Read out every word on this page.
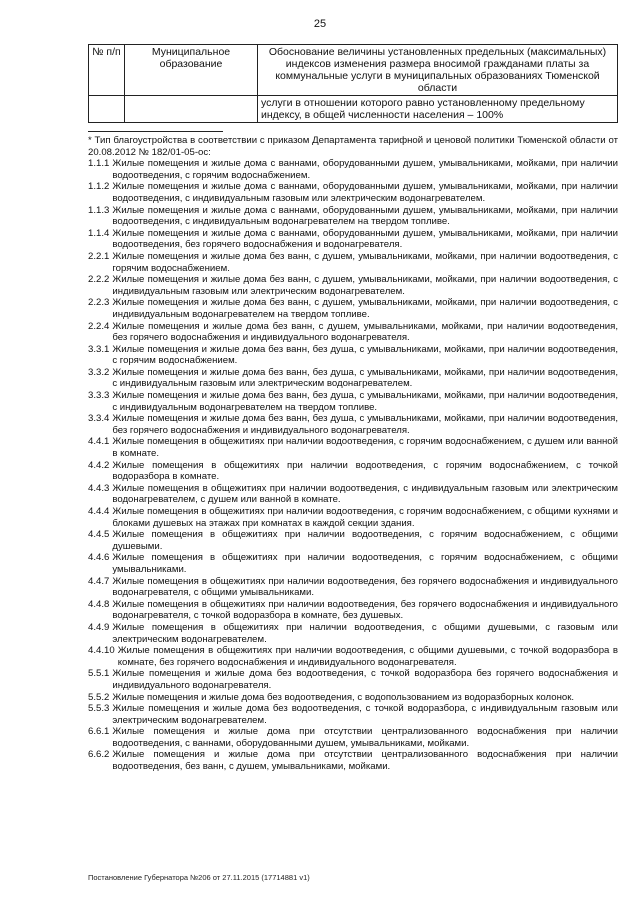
25
№ п/п	Муниципальное образование	Обоснование величины установленных предельных (максимальных) индексов изменения размера вносимой гражданами платы за коммунальные услуги в муниципальных образованиях Тюменской области
		услуги в отношении которого равно установленному предельному индексу, в общей численности населения – 100%

* Тип благоустройства в соответствии с приказом Департамента тарифной и ценовой политики Тюменской области от 20.08.2012 № 182/01-05-ос:

1.1.1 Жилые помещения и жилые дома с ваннами, оборудованными душем, умывальниками, мойками, при наличии водоотведения, с горячим водоснабжением.
1.1.2 Жилые помещения и жилые дома с ваннами, оборудованными душем, умывальниками, мойками, при наличии водоотведения, с индивидуальным газовым или электрическим водонагревателем.
1.1.3 Жилые помещения и жилые дома с ваннами, оборудованными душем, умывальниками, мойками, при наличии водоотведения, с индивидуальным водонагревателем на твердом топливе.
1.1.4 Жилые помещения и жилые дома с ваннами, оборудованными душем, умывальниками, мойками, при наличии водоотведения, без горячего водоснабжения и водонагревателя.
2.2.1 Жилые помещения и жилые дома без ванн, с душем, умывальниками, мойками, при наличии водоотведения, с горячим водоснабжением.
2.2.2 Жилые помещения и жилые дома без ванн, с душем, умывальниками, мойками, при наличии водоотведения, с индивидуальным газовым или электрическим водонагревателем.
2.2.3 Жилые помещения и жилые дома без ванн, с душем, умывальниками, мойками, при наличии водоотведения, с индивидуальным водонагревателем на твердом топливе.
2.2.4 Жилые помещения и жилые дома без ванн, с душем, умывальниками, мойками, при наличии водоотведения, без горячего водоснабжения и индивидуального водонагревателя.
3.3.1 Жилые помещения и жилые дома без ванн, без душа, с умывальниками, мойками, при наличии водоотведения, с горячим водоснабжением.
3.3.2 Жилые помещения и жилые дома без ванн, без душа, с умывальниками, мойками, при наличии водоотведения, с индивидуальным газовым или электрическим водонагревателем.
3.3.3 Жилые помещения и жилые дома без ванн, без душа, с умывальниками, мойками, при наличии водоотведения, с индивидуальным водонагревателем на твердом топливе.
3.3.4 Жилые помещения и жилые дома без ванн, без душа, с умывальниками, мойками, при наличии водоотведения, без горячего водоснабжения и индивидуального водонагревателя.
4.4.1 Жилые помещения в общежитиях при наличии водоотведения, с горячим водоснабжением, с душем или ванной в комнате.
4.4.2 Жилые помещения в общежитиях при наличии водоотведения, с горячим водоснабжением, с точкой водоразбора в комнате.
4.4.3 Жилые помещения в общежитиях при наличии водоотведения, с индивидуальным газовым или электрическим водонагревателем, с душем или ванной в комнате.
4.4.4 Жилые помещения в общежитиях при наличии водоотведения, с горячим водоснабжением, с общими кухнями и блоками душевых на этажах при комнатах в каждой секции здания.
4.4.5 Жилые помещения в общежитиях при наличии водоотведения, с горячим водоснабжением, с общими душевыми.
4.4.6 Жилые помещения в общежитиях при наличии водоотведения, с горячим водоснабжением, с общими умывальниками.
4.4.7 Жилые помещения в общежитиях при наличии водоотведения, без горячего водоснабжения и индивидуального водонагревателя, с общими умывальниками.
4.4.8 Жилые помещения в общежитиях при наличии водоотведения, без горячего водоснабжения и индивидуального водонагревателя, с точкой водоразбора в комнате, без душевых.
4.4.9 Жилые помещения в общежитиях при наличии водоотведения, с общими душевыми, с газовым или электрическим водонагревателем.
4.4.10 Жилые помещения в общежитиях при наличии водоотведения, с общими душевыми, с точкой водоразбора в комнате, без горячего водоснабжения и индивидуального водонагревателя.
5.5.1 Жилые помещения и жилые дома без водоотведения, с точкой водоразбора без горячего водоснабжения и индивидуального водонагревателя.
5.5.2 Жилые помещения и жилые дома без водоотведения, с водопользованием из водоразборных колонок.
5.5.3 Жилые помещения и жилые дома без водоотведения, с точкой водоразбора, с индивидуальным газовым или электрическим водонагревателем.
6.6.1 Жилые помещения и жилые дома при отсутствии централизованного водоснабжения при наличии водоотведения, с ваннами, оборудованными душем, умывальниками, мойками.
6.6.2 Жилые помещения и жилые дома при отсутствии централизованного водоснабжения при наличии водоотведения, без ванн, с душем, умывальниками, мойками.
Постановление Губернатора №206 от 27.11.2015 (17714881 v1)
